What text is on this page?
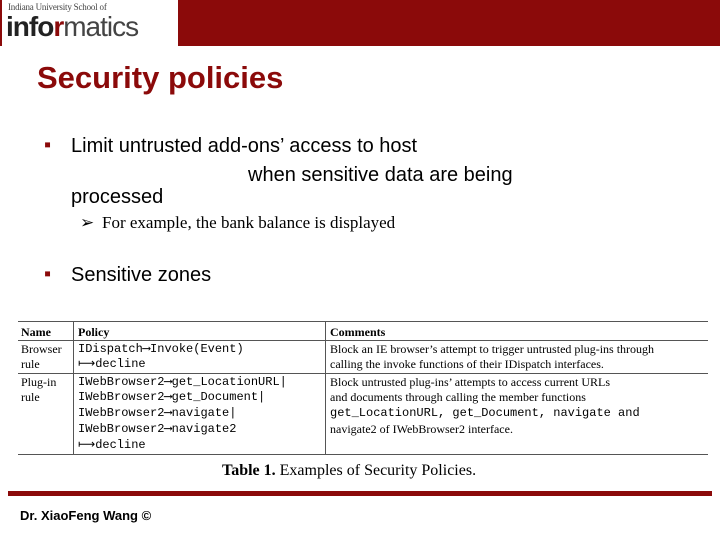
Indiana University School of
informatics
Security policies
▪ Limit untrusted add-ons’ access to host
when sensitive data are being
processed
➢ For example, the bank balance is displayed
▪ Sensitive zones
Name Policy	Comments
Browser
rule
IDispatch⟶Invoke(Event)
⟼decline
Block an IE browser’s attempt to trigger untrusted plug-ins through
calling the invoke functions of their IDispatch interfaces.
Plug-in
rule
IWebBrowser2⟶get_LocationURL|
IWebBrowser2⟶get_Document|
IWebBrowser2⟶navigate|
IWebBrowser2⟶navigate2
⟼decline
Block untrusted plug-ins’ attempts to access current URLs
and documents through calling the member functions
get_LocationURL, get_Document, navigate and
navigate2 of IWebBrowser2 interface.
Table 1. Examples of Security Policies.
Dr. XiaoFeng Wang ©
